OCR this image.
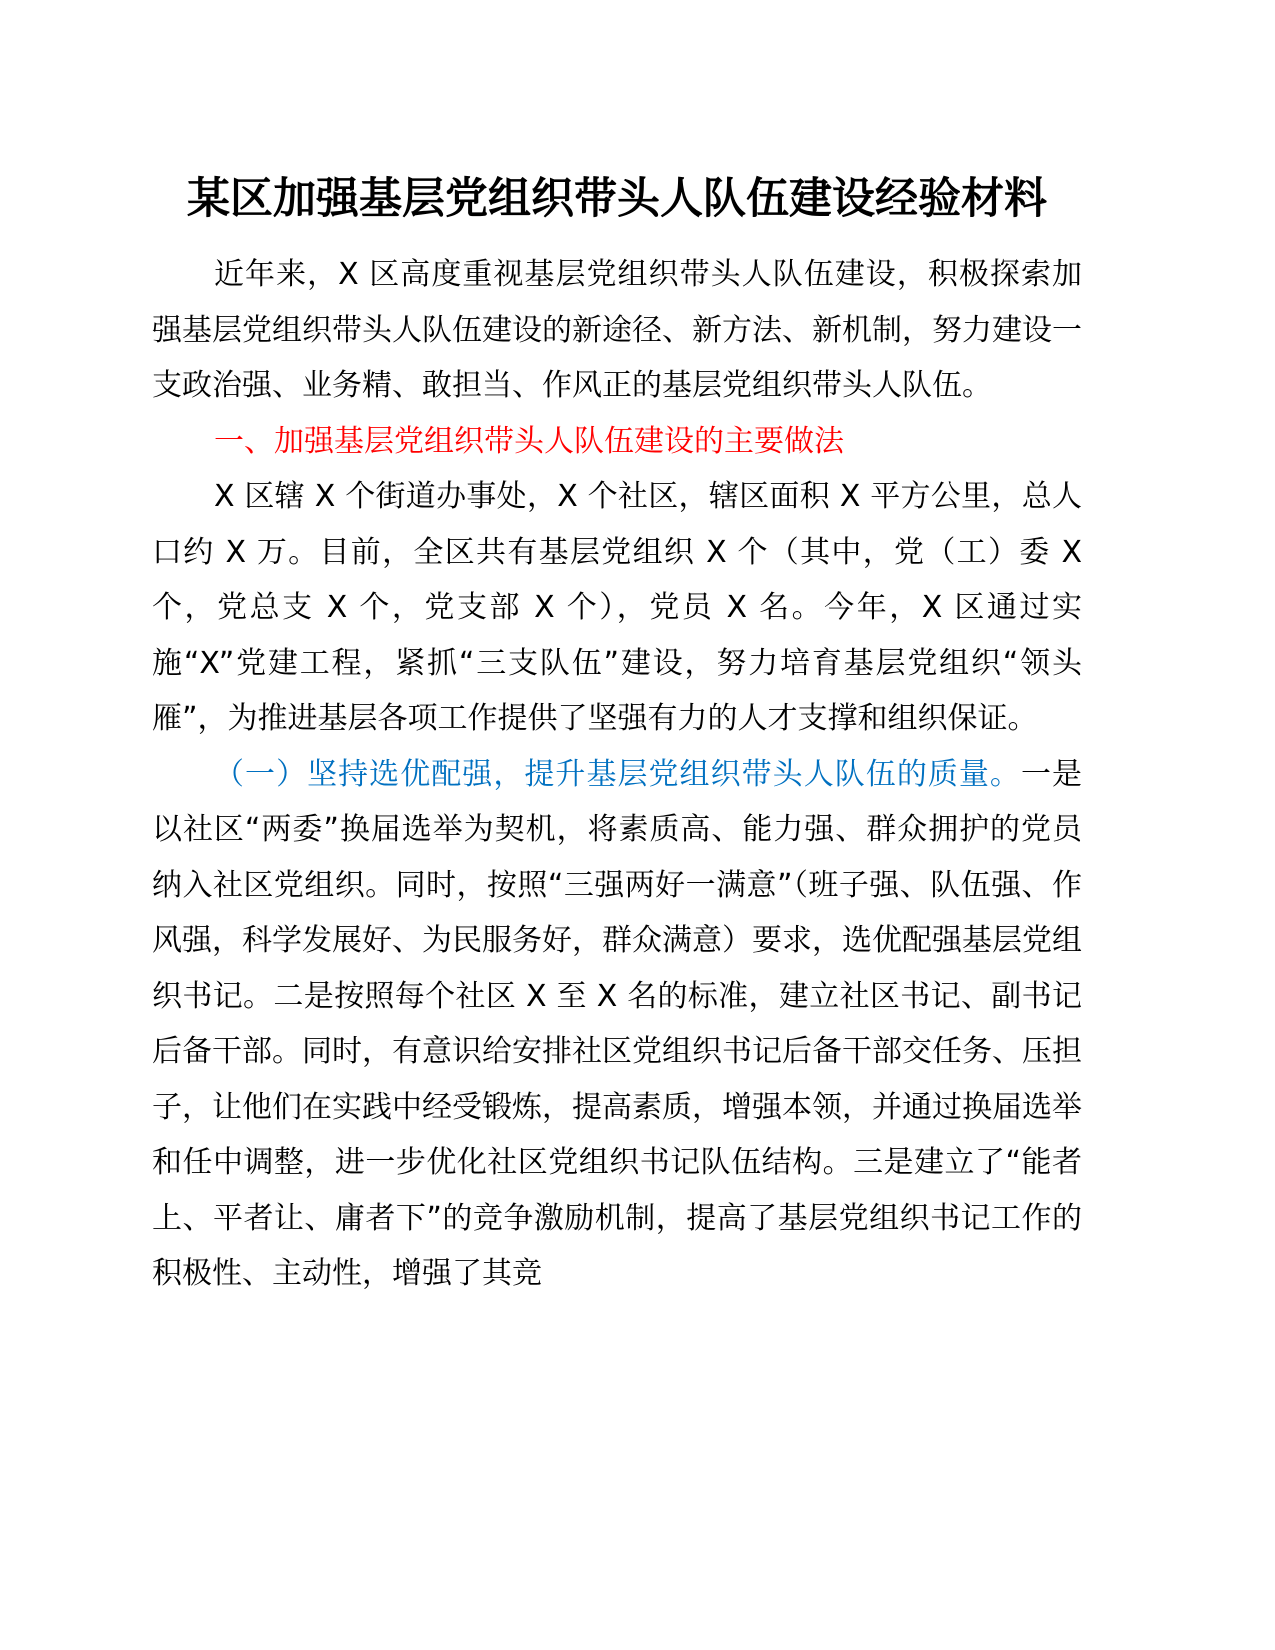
某区加强基层党组织带头人队伍建设经验材料

近年来，X 区高度重视基层党组织带头人队伍建设，积极探索加强基层党组织带头人队伍建设的新途径、新方法、新机制，努力建设一支政治强、业务精、敢担当、作风正的基层党组织带头人队伍。

一、加强基层党组织带头人队伍建设的主要做法

X 区辖 X 个街道办事处，X 个社区，辖区面积 X 平方公里，总人口约 X 万。目前，全区共有基层党组织 X 个（其中，党（工）委 X 个，党总支 X 个，党支部 X 个），党员 X 名。今年，X 区通过实施“X”党建工程，紧抓“三支队伍”建设，努力培育基层党组织“领头雁”，为推进基层各项工作提供了坚强有力的人才支撑和组织保证。

（一）坚持选优配强，提升基层党组织带头人队伍的质量。一是以社区“两委”换届选举为契机，将素质高、能力强、群众拥护的党员纳入社区党组织。同时，按照“三强两好一满意”（班子强、队伍强、作风强，科学发展好、为民服务好，群众满意）要求，选优配强基层党组织书记。二是按照每个社区 X 至 X 名的标准，建立社区书记、副书记后备干部。同时，有意识给安排社区党组织书记后备干部交任务、压担子，让他们在实践中经受锻炼，提高素质，增强本领，并通过换届选举和任中调整，进一步优化社区党组织书记队伍结构。三是建立了“能者上、平者让、庸者下”的竞争激励机制，提高了基层党组织书记工作的积极性、主动性，增强了其竞
